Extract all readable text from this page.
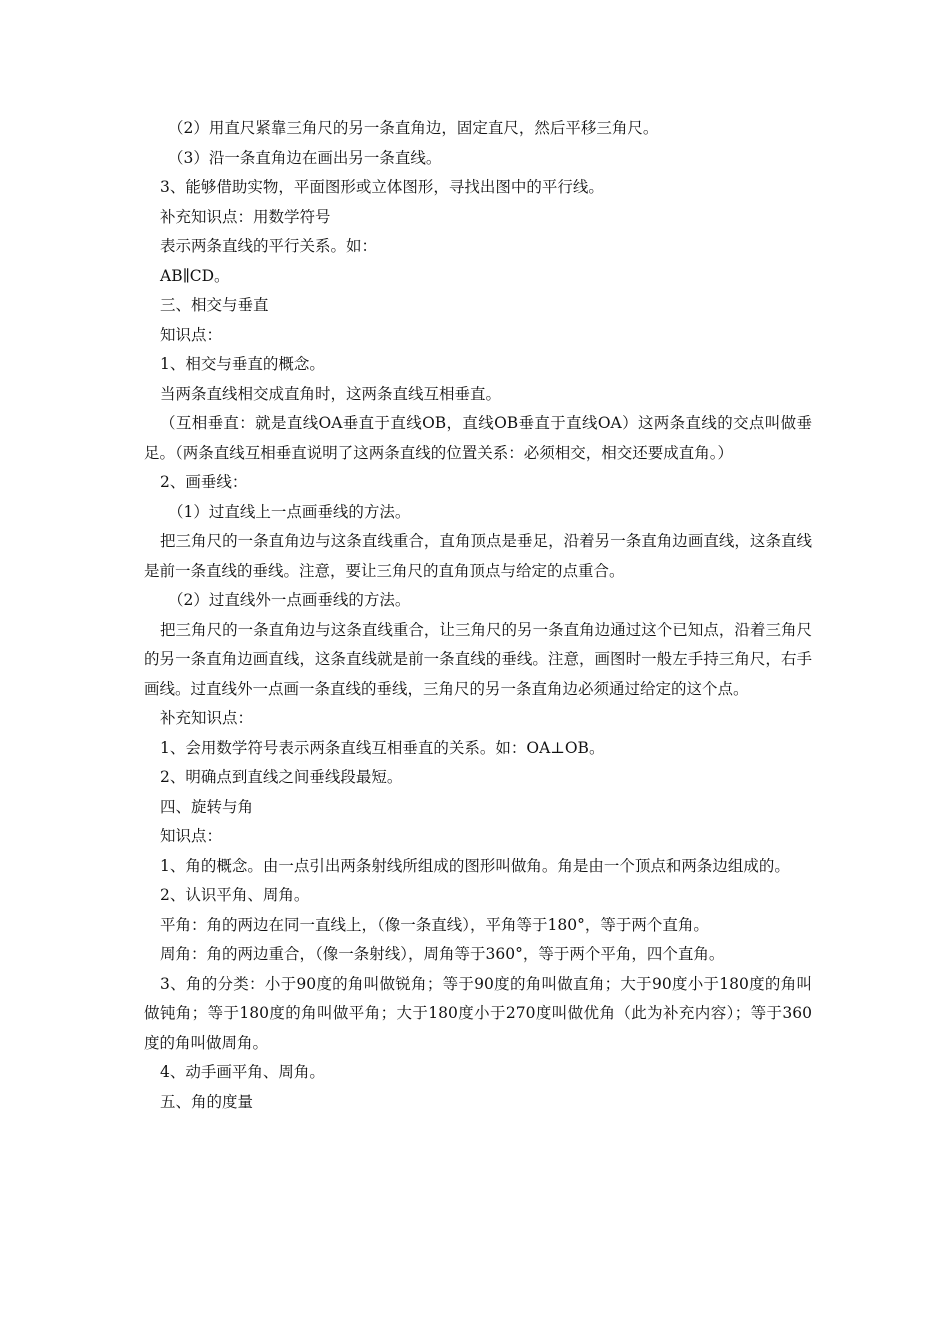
（2）用直尺紧靠三角尺的另一条直角边，固定直尺，然后平移三角尺。
（3）沿一条直角边在画出另一条直线。
3、能够借助实物，平面图形或立体图形，寻找出图中的平行线。
补充知识点：用数学符号
表示两条直线的平行关系。如：
AB∥CD。
三、相交与垂直
知识点：
1、相交与垂直的概念。
当两条直线相交成直角时，这两条直线互相垂直。
（互相垂直：就是直线OA垂直于直线OB，直线OB垂直于直线OA）这两条直线的交点叫做垂足。（两条直线互相垂直说明了这两条直线的位置关系：必须相交，相交还要成直角。）
2、画垂线：
（1）过直线上一点画垂线的方法。
把三角尺的一条直角边与这条直线重合，直角顶点是垂足，沿着另一条直角边画直线，这条直线是前一条直线的垂线。注意，要让三角尺的直角顶点与给定的点重合。
（2）过直线外一点画垂线的方法。
把三角尺的一条直角边与这条直线重合，让三角尺的另一条直角边通过这个已知点，沿着三角尺的另一条直角边画直线，这条直线就是前一条直线的垂线。注意，画图时一般左手持三角尺，右手画线。过直线外一点画一条直线的垂线，三角尺的另一条直角边必须通过给定的这个点。
补充知识点：
1、会用数学符号表示两条直线互相垂直的关系。如：OA⊥OB。
2、明确点到直线之间垂线段最短。
四、旋转与角
知识点：
1、角的概念。由一点引出两条射线所组成的图形叫做角。角是由一个顶点和两条边组成的。
2、认识平角、周角。
平角：角的两边在同一直线上，（像一条直线），平角等于180°，等于两个直角。
周角：角的两边重合，（像一条射线），周角等于360°，等于两个平角，四个直角。
3、角的分类：小于90度的角叫做锐角；等于90度的角叫做直角；大于90度小于180度的角叫做钝角；等于180度的角叫做平角；大于180度小于270度叫做优角（此为补充内容）；等于360度的角叫做周角。
4、动手画平角、周角。
五、角的度量
